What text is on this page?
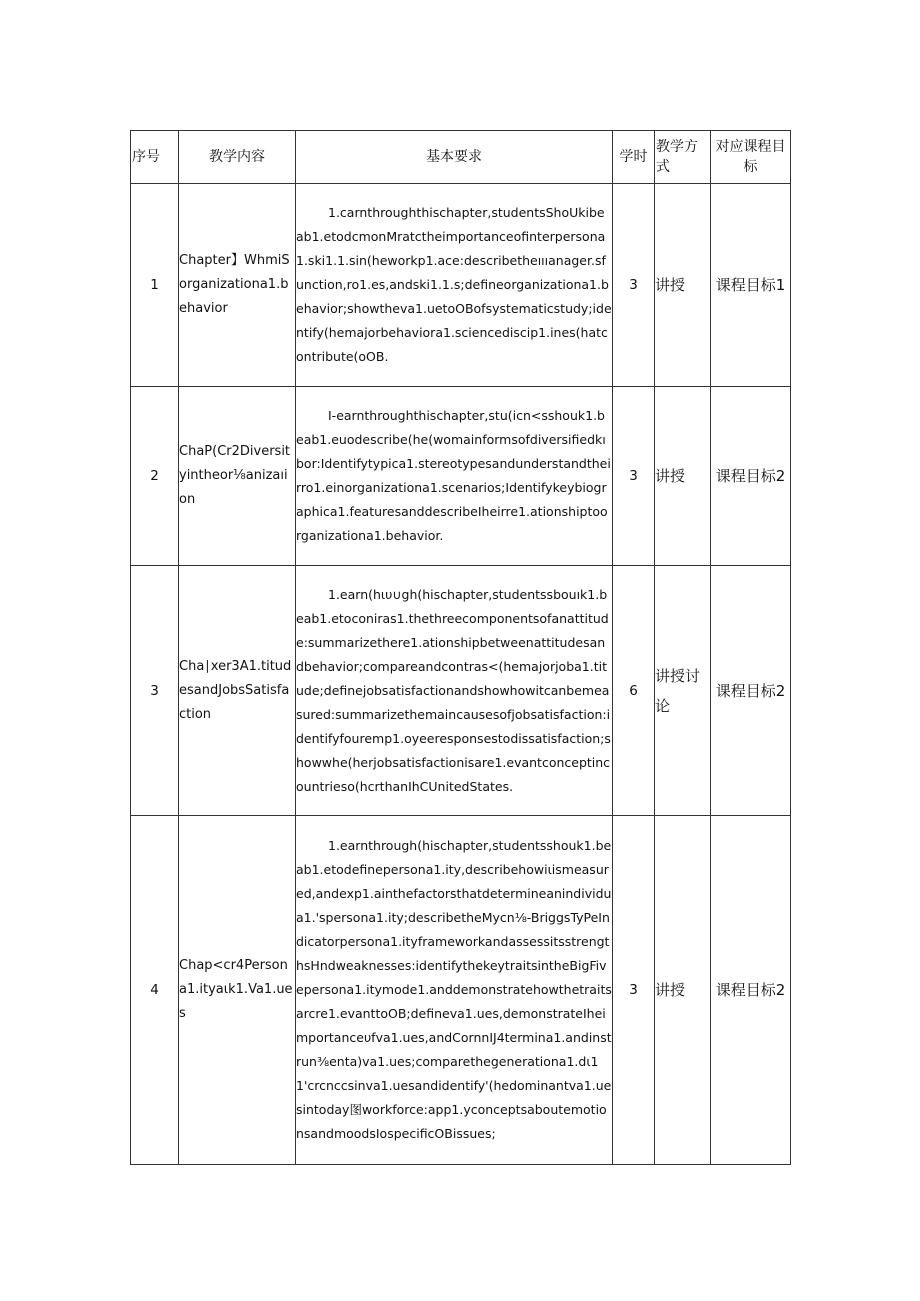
序号	教学内容	基本要求	学时	教学方式	对应课程目标
1	Chapter】WhmiSorganizationa1.behavior	1.carnthroughthischapter,studentsShoUkibeab1.etodcmonMratctheimportanceofinterpersona1.ski1.1.sin(heworkp1.ace:describetheıııanager.sfunction,ro1.es,andski1.1.s;defineorganizationa1.behavior;showtheva1.uetoOBofsystematicstudy;identify(hemajorbehaviora1.sciencediscip1.ines(hatcontribute(oOB.	3	讲授	课程目标1
2	ChaP(Cr2Diversityintheor⅛anizaıion	I-earnthroughthischapter,stu(icn<sshouk1.beab1.euodescribe(he(womainformsofdiversifiedkıbor:Identifytypica1.stereotypesandunderstandtheirro1.einorganizationa1.scenarios;Identifykeybiographica1.featuresanddescribeIheirre1.ationshiptoorganizationa1.behavior.	3	讲授	课程目标2
3	Cha∣xer3A1.titudesandJobsSatisfaction	1.earn(hιυ∪gh(hischapter,studentssbouık1.beab1.etoconiras1.thethreecomponentsofanattitude:summarizethere1.ationshipbetweenattitudesandbehavior;compareandcontras<(hemajorjoba1.titude;definejobsatisfactionandshowhowitcanbemeasured:summarizethemaincausesofjobsatisfaction:identifyfouremp1.oyeeresponsestodissatisfaction;showwhe(herjobsatisfactionisare1.evantconceptincountrieso(hcrthanIhCUnitedStates.	6	讲授讨论	课程目标2
4	Chap<cr4Persona1.ityaιk1.Va1.ues	1.earnthrough(hischapter,studentsshouk1.beab1.etodefinepersona1.ity,describehowiιismeasured,andexp1.ainthefactorsthatdetermineanindividua1.'spersona1.ity;describetheMycn⅛-BriggsTyPeIndicatorpersona1.ityframeworkandassessitsstrengthsHndweaknesses:identifythekeytraitsintheBigFivepersona1.itymode1.anddemonstratehowthetraitsarcre1.evanttoOB;defineva1.ues,demonstrateIheimportanceυfva1.ues,andCornnIJ4termina1.andinstrun⅜enta)va1.ues;comparethegenerationa1.dι11'crcnccsinva1.uesandidentify'(hedominantva1.uesintoday图workforce:app1.yconceptsaboutemotionsandmoodsIospecificOBissues;	3	讲授	课程目标2
